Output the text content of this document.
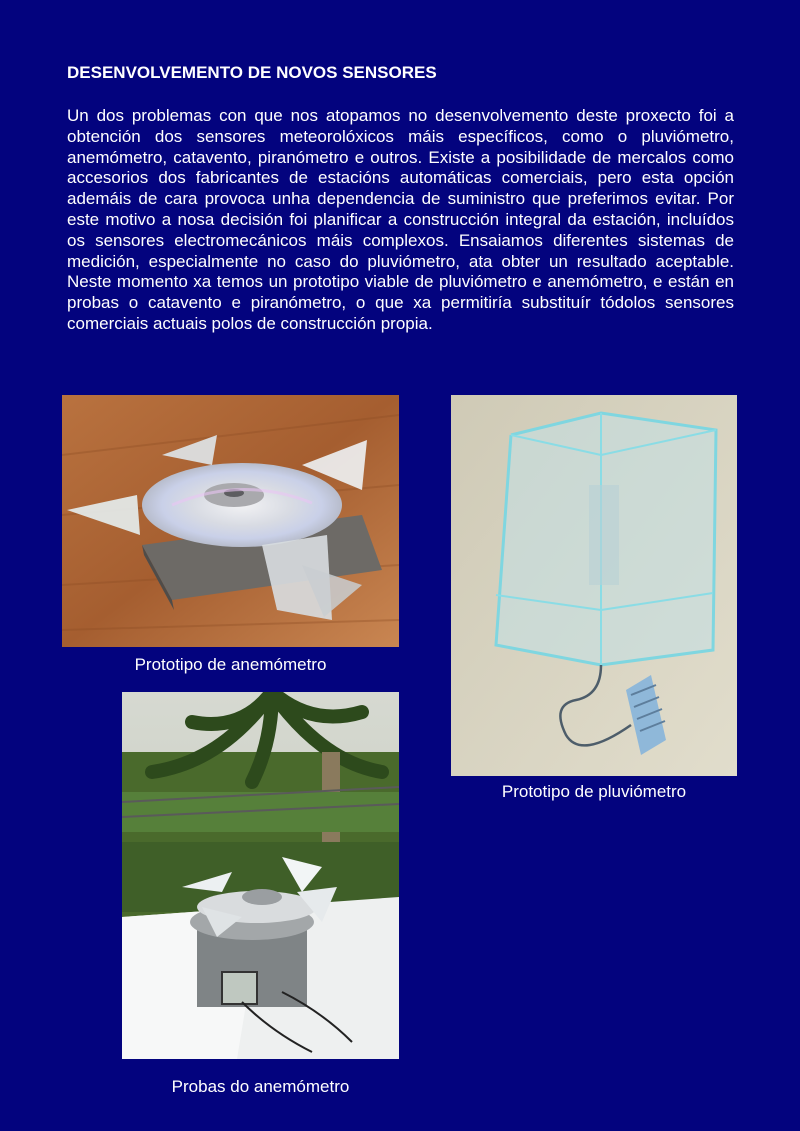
DESENVOLVEMENTO DE NOVOS SENSORES
Un dos problemas con que nos atopamos no desenvolvemento deste proxecto foi a obtención dos sensores meteorolóxicos máis específicos, como o pluviómetro, anemómetro, catavento, piranómetro e outros. Existe a posibilidade de mercalos como accesorios dos fabricantes de estacións automáticas comerciais, pero esta opción ademáis de cara provoca unha dependencia de suministro que preferimos evitar. Por este motivo a nosa decisión foi planificar a construcción integral da estación, incluídos os sensores electromecánicos máis complexos. Ensaiamos diferentes sistemas de medición, especialmente no caso do pluviómetro, ata obter un resultado aceptable. Neste momento xa temos un prototipo viable de pluviómetro e anemómetro, e están en probas o catavento e piranómetro, o que xa permitiría substituír tódolos sensores comerciais actuais polos de construcción propia.
Prototipo de anemómetro
Prototipo de pluviómetro
Probas do anemómetro
